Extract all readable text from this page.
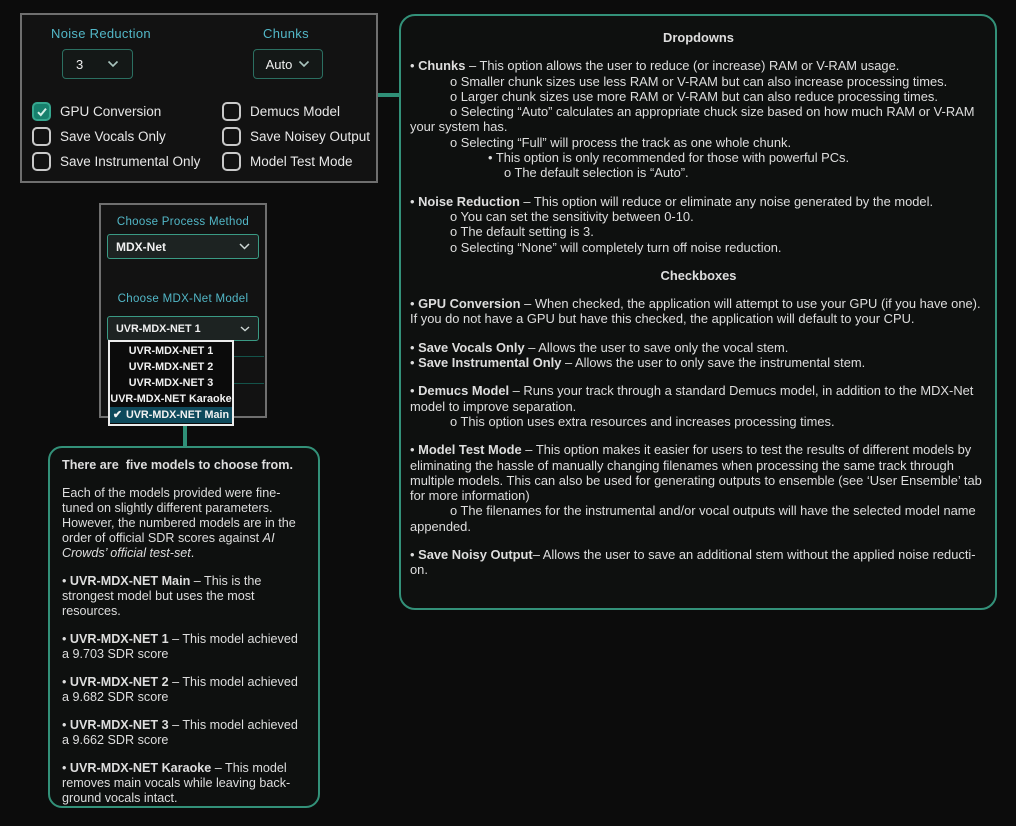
Noise Reduction	Chunks
3	Auto
GPU Conversion
Save Vocals Only
Save Instrumental Only
Demucs Model
Save Noisey Output
Model Test Mode
Choose Process Method
MDX-Net
Choose MDX-Net Model
UVR-MDX-NET 1
UVR-MDX-NET 1
UVR-MDX-NET 2
UVR-MDX-NET 3
UVR-MDX-NET Karaoke
✔ UVR-MDX-NET Main
Dropdowns
• Chunks – This option allows the user to reduce (or increase) RAM or V-RAM usage.
o Smaller chunk sizes use less RAM or V-RAM but can also increase processing times.
o Larger chunk sizes use more RAM or V-RAM but can also reduce processing times.
o Selecting “Auto” calculates an appropriate chuck size based on how much RAM or V-RAM your system has.
o Selecting “Full” will process the track as one whole chunk.
• This option is only recommended for those with powerful PCs.
o The default selection is “Auto”.
• Noise Reduction – This option will reduce or eliminate any noise generated by the model.
o You can set the sensitivity between 0-10.
o The default setting is 3.
o Selecting “None” will completely turn off noise reduction.
Checkboxes
• GPU Conversion – When checked, the application will attempt to use your GPU (if you have one). If you do not have a GPU but have this checked, the application will default to your CPU.
• Save Vocals Only – Allows the user to save only the vocal stem.
• Save Instrumental Only – Allows the user to only save the instrumental stem.
• Demucs Model – Runs your track through a standard Demucs model, in addition to the MDX-Net model to improve separation.
o This option uses extra resources and increases processing times.
• Model Test Mode – This option makes it easier for users to test the results of different models by eliminating the hassle of manually changing filenames when processing the same track through multiple models. This can also be used for generating outputs to ensemble (see ‘User Ensemble’ tab for more information)
o The filenames for the instrumental and/or vocal outputs will have the selected model name appended.
• Save Noisy Output– Allows the user to save an additional stem without the applied noise reducti-on.
There are  five models to choose from.
Each of the models provided were fine-tuned on slightly different parameters. However, the numbered models are in the order of official SDR scores against AI Crowds’ official test-set.
• UVR-MDX-NET Main – This is the strongest model but uses the most resources.
• UVR-MDX-NET 1 – This model achieved a 9.703 SDR score
• UVR-MDX-NET 2 – This model achieved a 9.682 SDR score
• UVR-MDX-NET 3 – This model achieved a 9.662 SDR score
• UVR-MDX-NET Karaoke – This model removes main vocals while leaving back-ground vocals intact.
